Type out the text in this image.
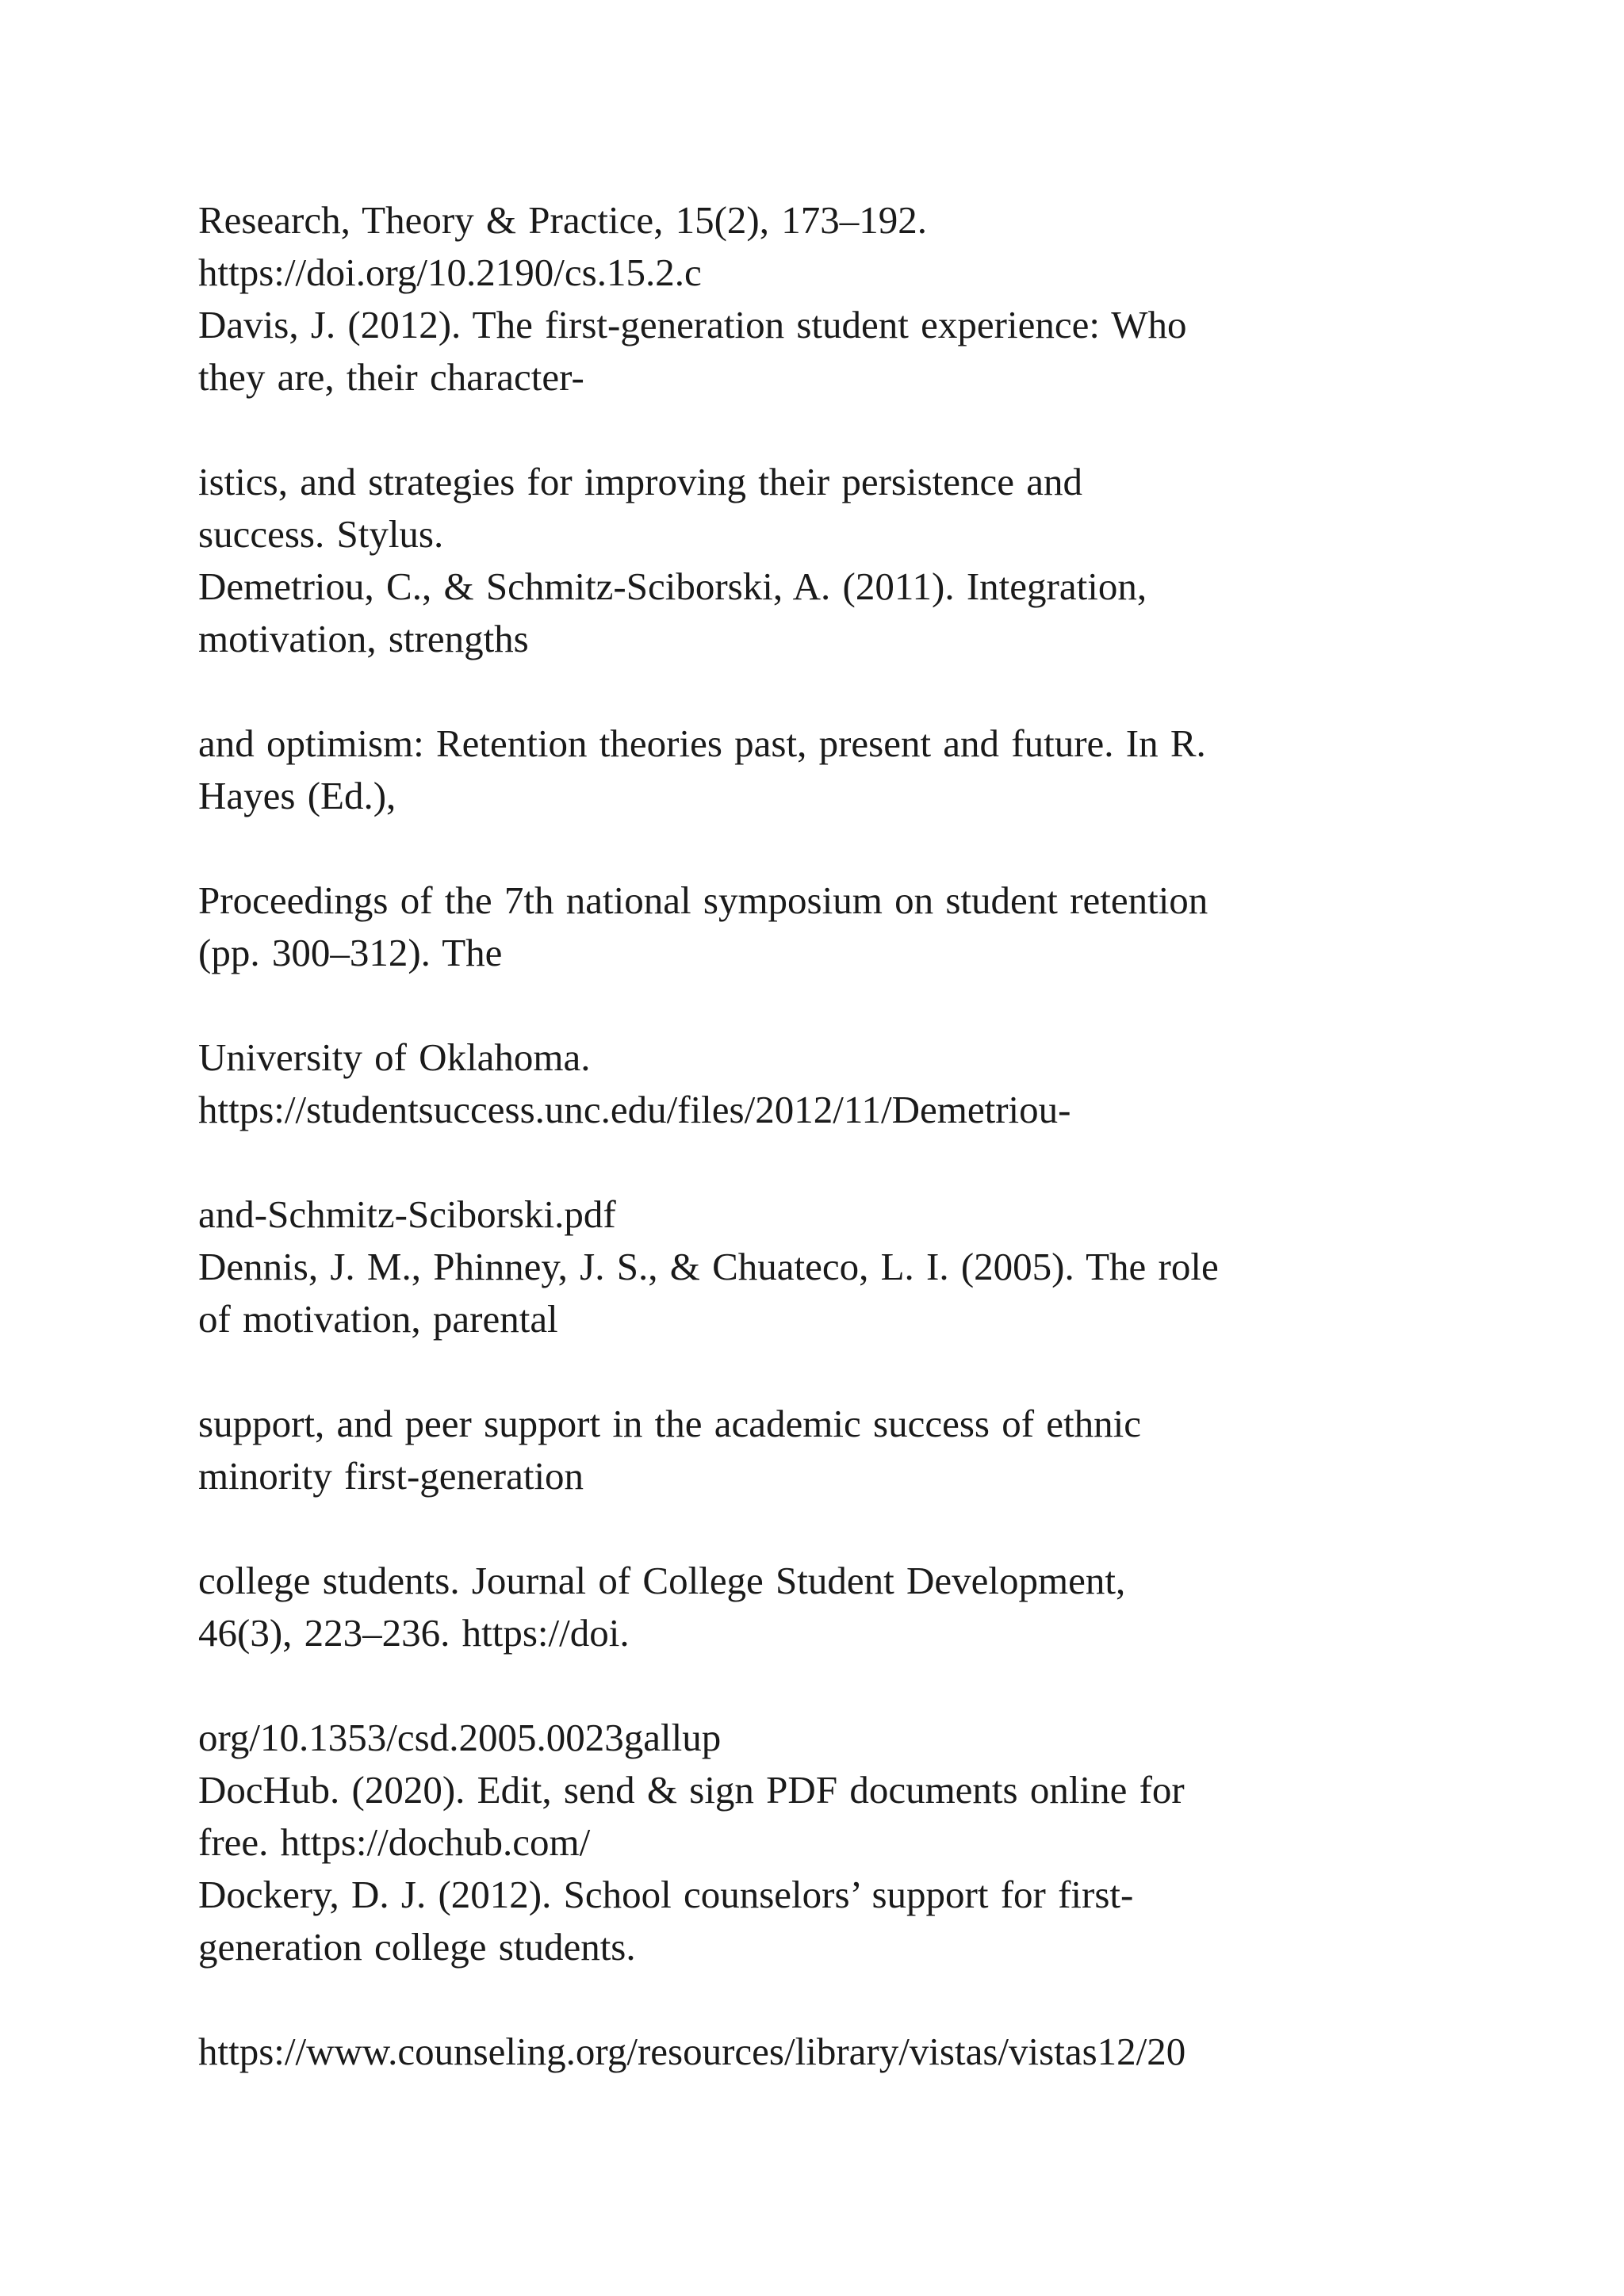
Research, Theory & Practice, 15(2), 173–192.
https://doi.org/10.2190/cs.15.2.c
Davis, J. (2012). The first-generation student experience: Who
they are, their character-
istics, and strategies for improving their persistence and
success. Stylus.
Demetriou, C., & Schmitz-Sciborski, A. (2011). Integration,
motivation, strengths
and optimism: Retention theories past, present and future. In R.
Hayes (Ed.),
Proceedings of the 7th national symposium on student retention
(pp. 300–312). The
University of Oklahoma.
https://studentsuccess.unc.edu/files/2012/11/Demetriou-
and-Schmitz-Sciborski.pdf
Dennis, J. M., Phinney, J. S., & Chuateco, L. I. (2005). The role
of motivation, parental
support, and peer support in the academic success of ethnic
minority first-generation
college students. Journal of College Student Development,
46(3), 223–236. https://doi.
org/10.1353/csd.2005.0023gallup
DocHub. (2020). Edit, send & sign PDF documents online for
free. https://dochub.com/
Dockery, D. J. (2012). School counselors’ support for first-
generation college students.
https://www.counseling.org/resources/library/vistas/vistas12/20
